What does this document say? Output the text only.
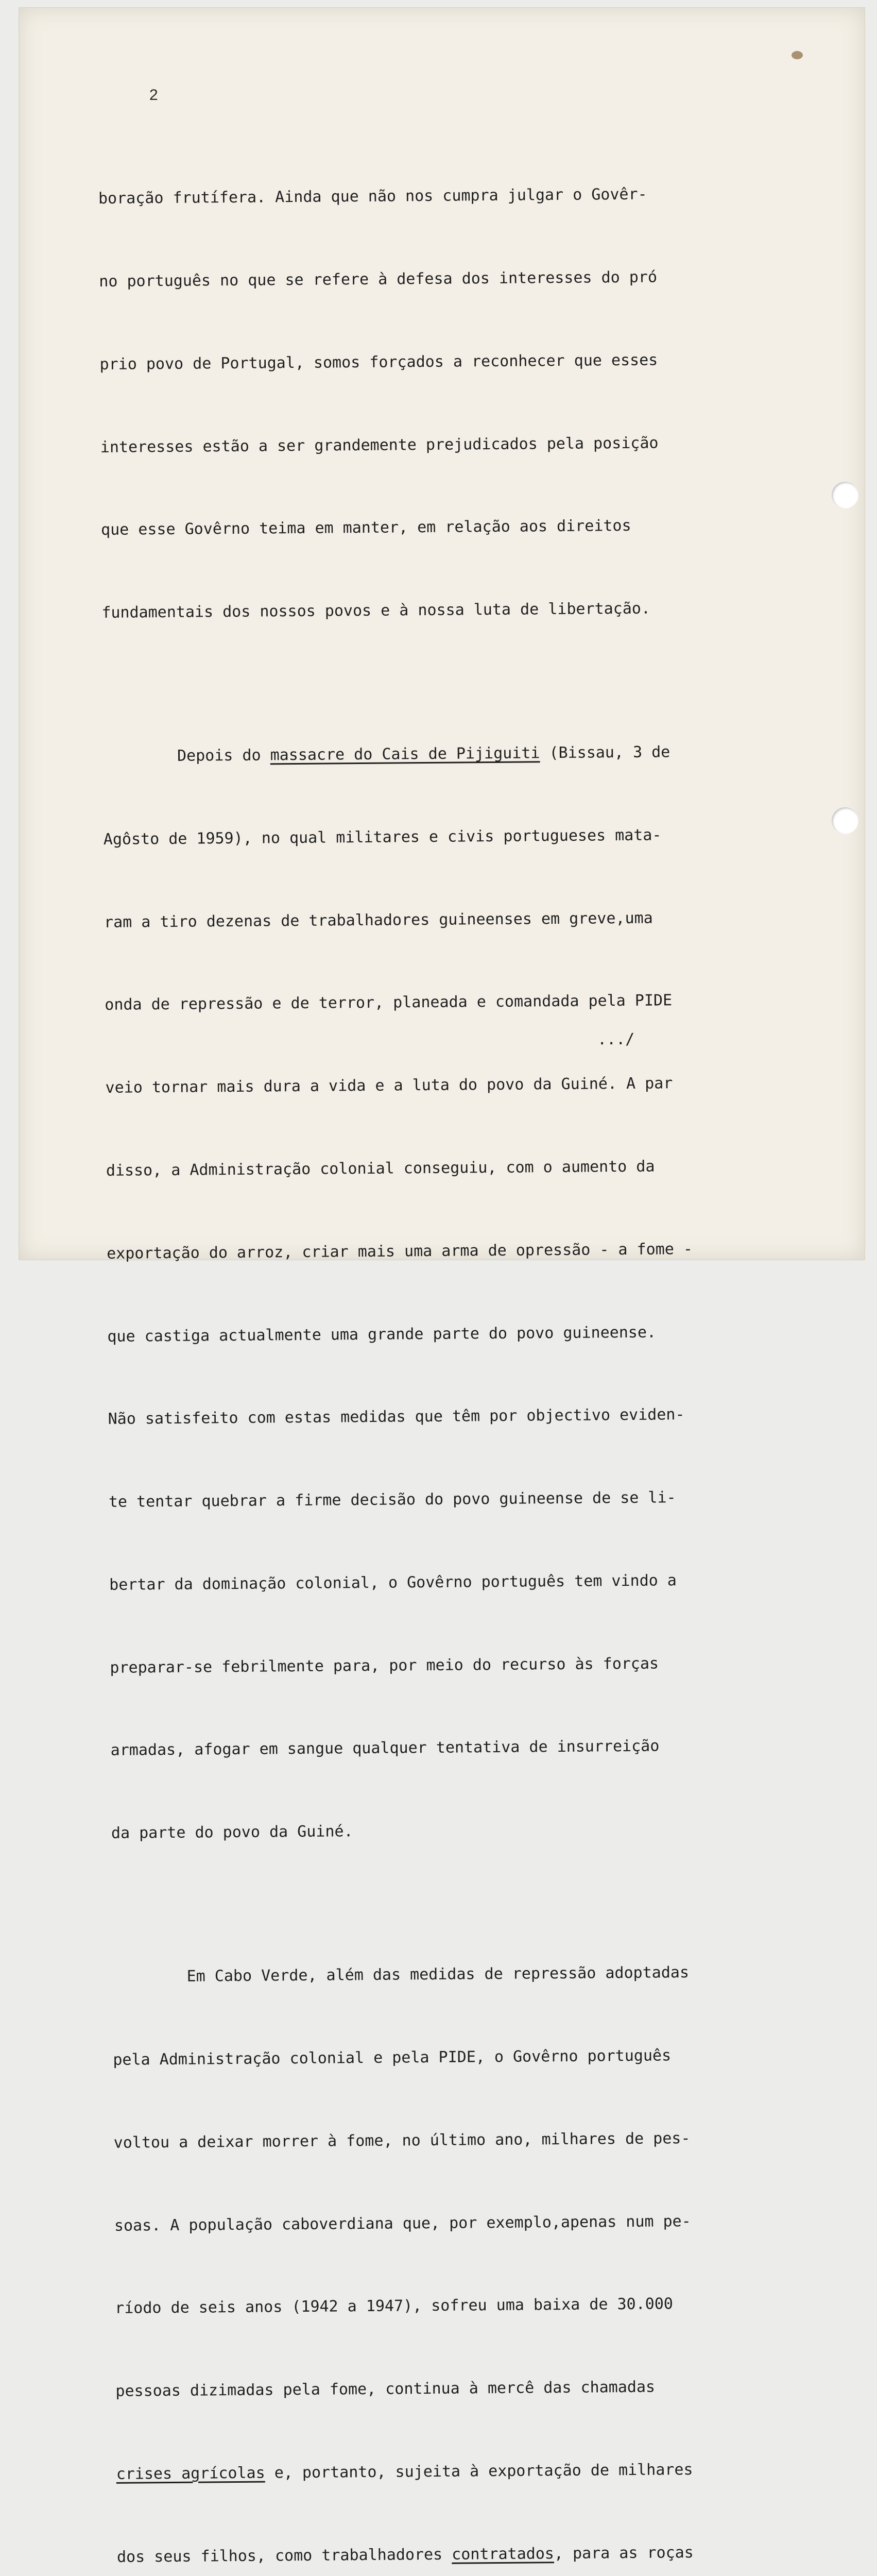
2

boração frutífera. Ainda que não nos cumpra julgar o Govêr-

no português no que se refere à defesa dos interesses do pró

prio povo de Portugal, somos forçados a reconhecer que esses

interesses estão a ser grandemente prejudicados pela posição

que esse Govêrno teima em manter, em relação aos direitos

fundamentais dos nossos povos e à nossa luta de libertação.

Depois do massacre do Cais de Pijiguiti (Bissau, 3 de

Agôsto de 1959), no qual militares e civis portugueses mata-

ram a tiro dezenas de trabalhadores guineenses em greve,uma

onda de repressão e de terror, planeada e comandada pela PIDE

veio tornar mais dura a vida e a luta do povo da Guiné. A par

disso, a Administração colonial conseguiu, com o aumento da

exportação do arroz, criar mais uma arma de opressão - a fome -

que castiga actualmente uma grande parte do povo guineense.

Não satisfeito com estas medidas que têm por objectivo eviden-

te tentar quebrar a firme decisão do povo guineense de se li-

bertar da dominação colonial, o Govêrno português tem vindo a

preparar-se febrilmente para, por meio do recurso às forças

armadas, afogar em sangue qualquer tentativa de insurreição

da parte do povo da Guiné.

Em Cabo Verde, além das medidas de repressão adoptadas

pela Administração colonial e pela PIDE, o Govêrno português

voltou a deixar morrer à fome, no último ano, milhares de pes-

soas. A população caboverdiana que, por exemplo,apenas num pe-

ríodo de seis anos (1942 a 1947), sofreu uma baixa de 30.000

pessoas dizimadas pela fome, continua à mercê das chamadas

crises agrícolas e, portanto, sujeita à exportação de milhares

dos seus filhos, como trabalhadores contratados, para as roças

.../
